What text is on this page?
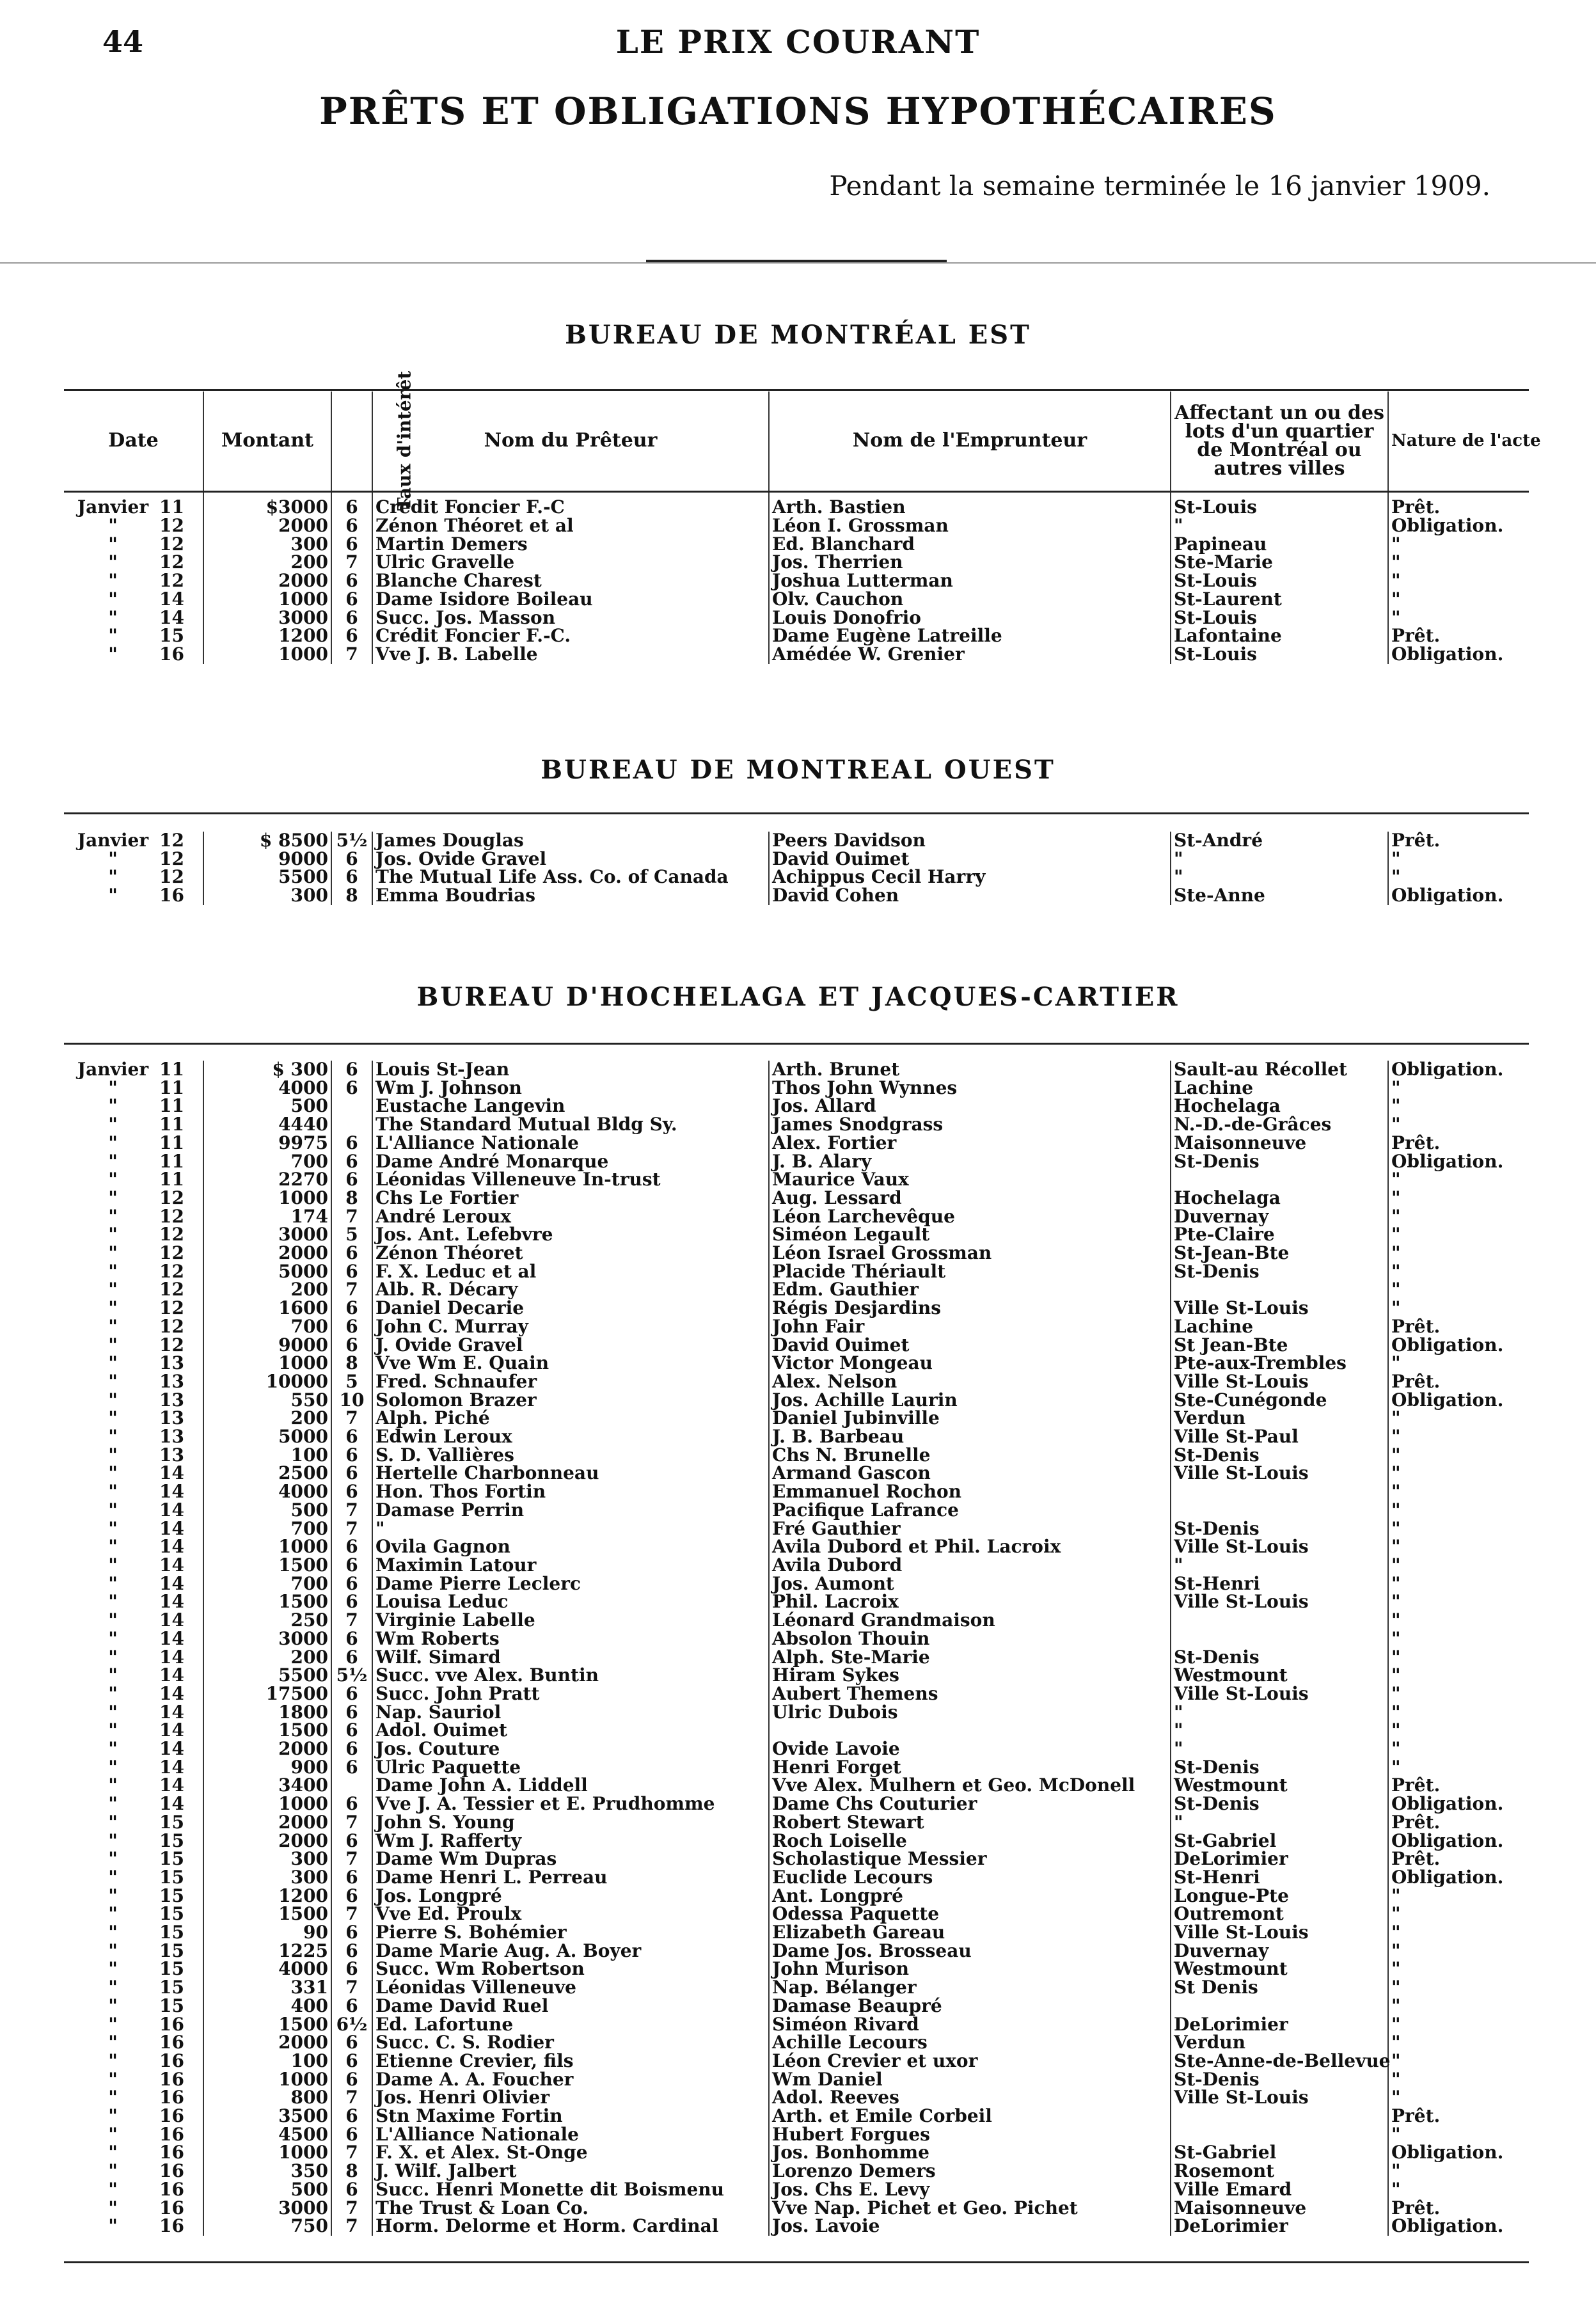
44	LE PRIX COURANT
PRÊTS ET OBLIGATIONS HYPOTHÉCAIRES
Pendant la semaine terminée le 16 janvier 1909.
BUREAU DE MONTRÉAL EST
Date	Montant	Taux d'intérêt	Nom du Prêteur	Nom de l'Emprunteur	Affectant un ou des lots d'un quartier de Montréal ou autres villes	Nature de l'acte
Janvier 11	$3000	6	Crédit Foncier F.-C	Arth. Bastien	St-Louis	Prêt.
" 12	2000	6	Zénon Théoret et al	Léon I. Grossman	"	Obligation.
" 12	300	6	Martin Demers	Ed. Blanchard	Papineau	"
" 12	200	7	Ulric Gravelle	Jos. Therrien	Ste-Marie	"
" 12	2000	6	Blanche Charest	Joshua Lutterman	St-Louis	"
" 14	1000	6	Dame Isidore Boileau	Olv. Cauchon	St-Laurent	"
" 14	3000	6	Succ. Jos. Masson	Louis Donofrio	St-Louis	"
" 15	1200	6	Crédit Foncier F.-C.	Dame Eugène Latreille	Lafontaine	Prêt.
" 16	1000	7	Vve J. B. Labelle	Amédée W. Grenier	St-Louis	Obligation.
BUREAU DE MONTREAL OUEST
Janvier 12	$ 8500	5½	James Douglas	Peers Davidson	St-André	Prêt.
" 12	9000	6	Jos. Ovide Gravel	David Ouimet	"	"
" 12	5500	6	The Mutual Life Ass. Co. of Canada	Achippus Cecil Harry	"	"
" 16	300	8	Emma Boudrias	David Cohen	Ste-Anne	Obligation.
BUREAU D'HOCHELAGA ET JACQUES-CARTIER
Janvier 11	$ 300	6	Louis St-Jean	Arth. Brunet	Sault-au Récollet	Obligation.
" 11	4000	6	Wm J. Johnson	Thos John Wynnes	Lachine	"
" 11	500		Eustache Langevin	Jos. Allard	Hochelaga	"
" 11	4440		The Standard Mutual Bldg Sy.	James Snodgrass	N.-D.-de-Grâces	"
" 11	9975	6	L'Alliance Nationale	Alex. Fortier	Maisonneuve	Prêt.
" 11	700	6	Dame André Monarque	J. B. Alary	St-Denis	Obligation.
" 11	2270	6	Léonidas Villeneuve In-trust	Maurice Vaux		"
" 12	1000	8	Chs Le Fortier	Aug. Lessard	Hochelaga	"
" 12	174	7	André Leroux	Léon Larchevêque	Duvernay	"
" 12	3000	5	Jos. Ant. Lefebvre	Siméon Legault	Pte-Claire	"
" 12	2000	6	Zénon Théoret	Léon Israel Grossman	St-Jean-Bte	"
" 12	5000	6	F. X. Leduc et al	Placide Thériault	St-Denis	"
" 12	200	7	Alb. R. Décary	Edm. Gauthier		"
" 12	1600	6	Daniel Decarie	Régis Desjardins	Ville St-Louis	"
" 12	700	6	John C. Murray	John Fair	Lachine	Prêt.
" 12	9000	6	J. Ovide Gravel	David Ouimet	St Jean-Bte	Obligation.
" 13	1000	8	Vve Wm E. Quain	Victor Mongeau	Pte-aux-Trembles	"
" 13	10000	5	Fred. Schnaufer	Alex. Nelson	Ville St-Louis	Prêt.
" 13	550	10	Solomon Brazer	Jos. Achille Laurin	Ste-Cunégonde	Obligation.
" 13	200	7	Alph. Piché	Daniel Jubinville	Verdun	"
" 13	5000	6	Edwin Leroux	J. B. Barbeau	Ville St-Paul	"
" 13	100	6	S. D. Vallières	Chs N. Brunelle	St-Denis	"
" 14	2500	6	Hertelle Charbonneau	Armand Gascon	Ville St-Louis	"
" 14	4000	6	Hon. Thos Fortin	Emmanuel Rochon		"
" 14	500	7	Damase Perrin	Pacifique Lafrance		"
" 14	700	7	"	Fré Gauthier	St-Denis	"
" 14	1000	6	Ovila Gagnon	Avila Dubord et Phil. Lacroix	Ville St-Louis	"
" 14	1500	6	Maximin Latour	Avila Dubord	"	"
" 14	700	6	Dame Pierre Leclerc	Jos. Aumont	St-Henri	"
" 14	1500	6	Louisa Leduc	Phil. Lacroix	Ville St-Louis	"
" 14	250	7	Virginie Labelle	Léonard Grandmaison		"
" 14	3000	6	Wm Roberts	Absolon Thouin		"
" 14	200	6	Wilf. Simard	Alph. Ste-Marie	St-Denis	"
" 14	5500	5½	Succ. vve Alex. Buntin	Hiram Sykes	Westmount	"
" 14	17500	6	Succ. John Pratt	Aubert Themens	Ville St-Louis	"
" 14	1800	6	Nap. Sauriol	Ulric Dubois	"	"
" 14	1500	6	Adol. Ouimet		"	"
" 14	2000	6	Jos. Couture	Ovide Lavoie	"	"
" 14	900	6	Ulric Paquette	Henri Forget	St-Denis	"
" 14	3400		Dame John A. Liddell	Vve Alex. Mulhern et Geo. McDonell	Westmount	Prêt.
" 14	1000	6	Vve J. A. Tessier et E. Prudhomme	Dame Chs Couturier	St-Denis	Obligation.
" 15	2000	7	John S. Young	Robert Stewart	"	Prêt.
" 15	2000	6	Wm J. Rafferty	Roch Loiselle	St-Gabriel	Obligation.
" 15	300	7	Dame Wm Dupras	Scholastique Messier	DeLorimier	Prêt.
" 15	300	6	Dame Henri L. Perreau	Euclide Lecours	St-Henri	Obligation.
" 15	1200	6	Jos. Longpré	Ant. Longpré	Longue-Pte	"
" 15	1500	7	Vve Ed. Proulx	Odessa Paquette	Outremont	"
" 15	90	6	Pierre S. Bohémier	Elizabeth Gareau	Ville St-Louis	"
" 15	1225	6	Dame Marie Aug. A. Boyer	Dame Jos. Brosseau	Duvernay	"
" 15	4000	6	Succ. Wm Robertson	John Murison	Westmount	"
" 15	331	7	Léonidas Villeneuve	Nap. Bélanger	St Denis	"
" 15	400	6	Dame David Ruel	Damase Beaupré		"
" 16	1500	6½	Ed. Lafortune	Siméon Rivard	DeLorimier	"
" 16	2000	6	Succ. C. S. Rodier	Achille Lecours	Verdun	"
" 16	100	6	Etienne Crevier, fils	Léon Crevier et uxor	Ste-Anne-de-Bellevue	"
" 16	1000	6	Dame A. A. Foucher	Wm Daniel	St-Denis	"
" 16	800	7	Jos. Henri Olivier	Adol. Reeves	Ville St-Louis	"
" 16	3500	6	Stn Maxime Fortin	Arth. et Emile Corbeil		Prêt.
" 16	4500	6	L'Alliance Nationale	Hubert Forgues		"
" 16	1000	7	F. X. et Alex. St-Onge	Jos. Bonhomme	St-Gabriel	Obligation.
" 16	350	8	J. Wilf. Jalbert	Lorenzo Demers	Rosemont	"
" 16	500	6	Succ. Henri Monette dit Boismenu	Jos. Chs E. Levy	Ville Emard	"
" 16	3000	7	The Trust & Loan Co.	Vve Nap. Pichet et Geo. Pichet	Maisonneuve	Prêt.
" 16	750	7	Horm. Delorme et Horm. Cardinal	Jos. Lavoie	DeLorimier	Obligation.
